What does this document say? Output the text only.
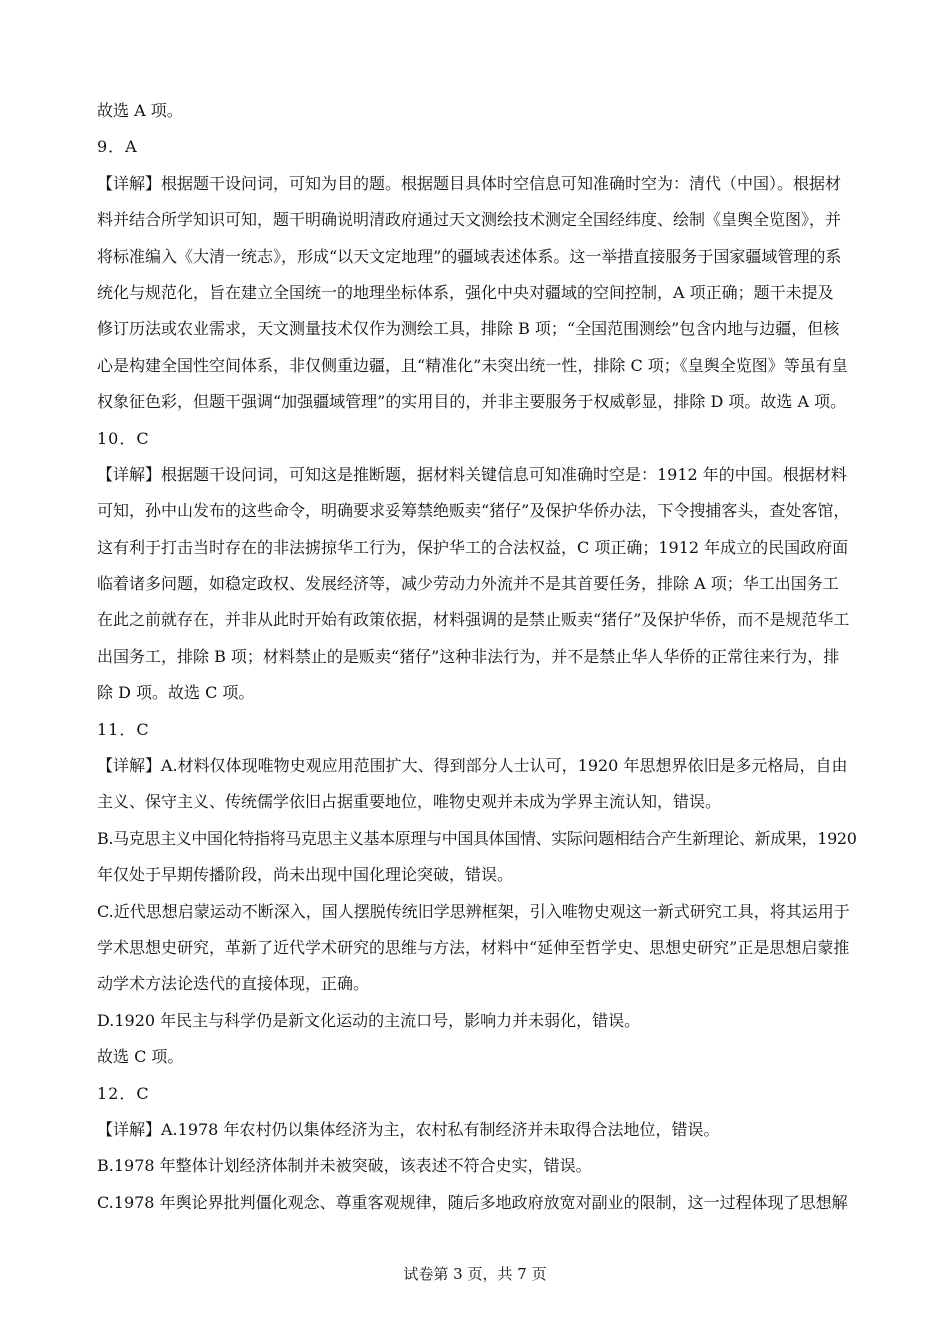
故选 A 项。
9．A
【详解】根据题干设问词，可知为目的题。根据题目具体时空信息可知准确时空为：清代（中国）。根据材
料并结合所学知识可知，题干明确说明清政府通过天文测绘技术测定全国经纬度、绘制《皇舆全览图》，并
将标准编入《大清一统志》，形成“以天文定地理”的疆域表述体系。这一举措直接服务于国家疆域管理的系
统化与规范化，旨在建立全国统一的地理坐标体系，强化中央对疆域的空间控制，A 项正确；题干未提及
修订历法或农业需求，天文测量技术仅作为测绘工具，排除 B 项；“全国范围测绘”包含内地与边疆，但核
心是构建全国性空间体系，非仅侧重边疆，且“精准化”未突出统一性，排除 C 项；《皇舆全览图》等虽有皇
权象征色彩，但题干强调“加强疆域管理”的实用目的，并非主要服务于权威彰显，排除 D 项。故选 A 项。
10．C
【详解】根据题干设问词，可知这是推断题，据材料关键信息可知准确时空是：1912 年的中国。根据材料
可知，孙中山发布的这些命令，明确要求妥筹禁绝贩卖“猪仔”及保护华侨办法，下令搜捕客头，查处客馆，
这有利于打击当时存在的非法掳掠华工行为，保护华工的合法权益，C 项正确；1912 年成立的民国政府面
临着诸多问题，如稳定政权、发展经济等，减少劳动力外流并不是其首要任务，排除 A 项；华工出国务工
在此之前就存在，并非从此时开始有政策依据，材料强调的是禁止贩卖“猪仔”及保护华侨，而不是规范华工
出国务工，排除 B 项；材料禁止的是贩卖“猪仔”这种非法行为，并不是禁止华人华侨的正常往来行为，排
除 D 项。故选 C 项。
11．C
【详解】A.材料仅体现唯物史观应用范围扩大、得到部分人士认可，1920 年思想界依旧是多元格局，自由
主义、保守主义、传统儒学依旧占据重要地位，唯物史观并未成为学界主流认知，错误。
B.马克思主义中国化特指将马克思主义基本原理与中国具体国情、实际问题相结合产生新理论、新成果，1920
年仅处于早期传播阶段，尚未出现中国化理论突破，错误。
C.近代思想启蒙运动不断深入，国人摆脱传统旧学思辨框架，引入唯物史观这一新式研究工具，将其运用于
学术思想史研究，革新了近代学术研究的思维与方法，材料中“延伸至哲学史、思想史研究”正是思想启蒙推
动学术方法论迭代的直接体现，正确。
D.1920 年民主与科学仍是新文化运动的主流口号，影响力并未弱化，错误。
故选 C 项。
12．C
【详解】A.1978 年农村仍以集体经济为主，农村私有制经济并未取得合法地位，错误。
B.1978 年整体计划经济体制并未被突破，该表述不符合史实，错误。
C.1978 年舆论界批判僵化观念、尊重客观规律，随后多地政府放宽对副业的限制，这一过程体现了思想解
试卷第 3 页，共 7 页
